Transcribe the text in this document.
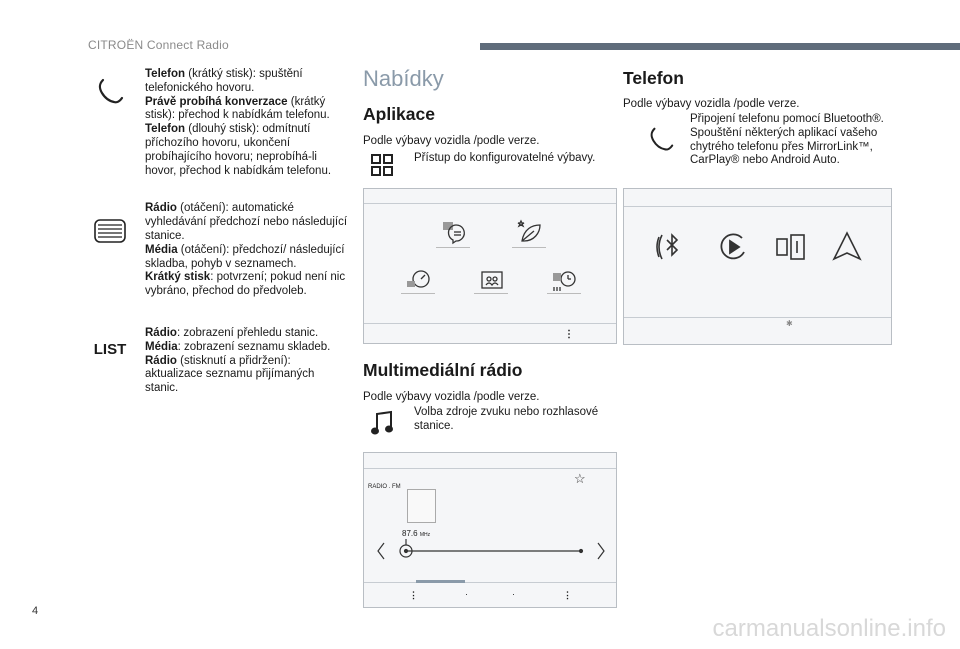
CITROËN Connect Radio

Telefon (krátký stisk): spuštění telefonického hovoru.

Právě probíhá konverzace (krátký stisk): přechod k nabídkám telefonu.

Telefon (dlouhý stisk): odmítnutí příchozího hovoru, ukončení probíhajícího hovoru; neprobíhá-li hovor, přechod k nabídkám telefonu.

Rádio (otáčení): automatické vyhledávání předchozí nebo následující stanice.

Média (otáčení): předchozí/ následující skladba, pohyb v seznamech.

Krátký stisk: potvrzení; pokud není nic vybráno, přechod do předvoleb.

LIST

Rádio: zobrazení přehledu stanic.

Média: zobrazení seznamu skladeb.

Rádio (stisknutí a přidržení): aktualizace seznamu přijímaných stanic.

Nabídky
Aplikace
Podle výbavy vozidla /podle verze.
Přístup do konfigurovatelné výbavy.
⋮
Multimediální rádio
Podle výbavy vozidla /podle verze.
Volba zdroje zvuku nebo rozhlasové stanice.
☆
RADIO . FM
87.6 MHz
⋮	·	·	⋮
Telefon
Podle výbavy vozidla /podle verze.
Připojení telefonu pomocí Bluetooth®. Spouštění některých aplikací vašeho chytrého telefonu přes MirrorLink™, CarPlay® nebo Android Auto.
✱
4
carmanualsonline.info
